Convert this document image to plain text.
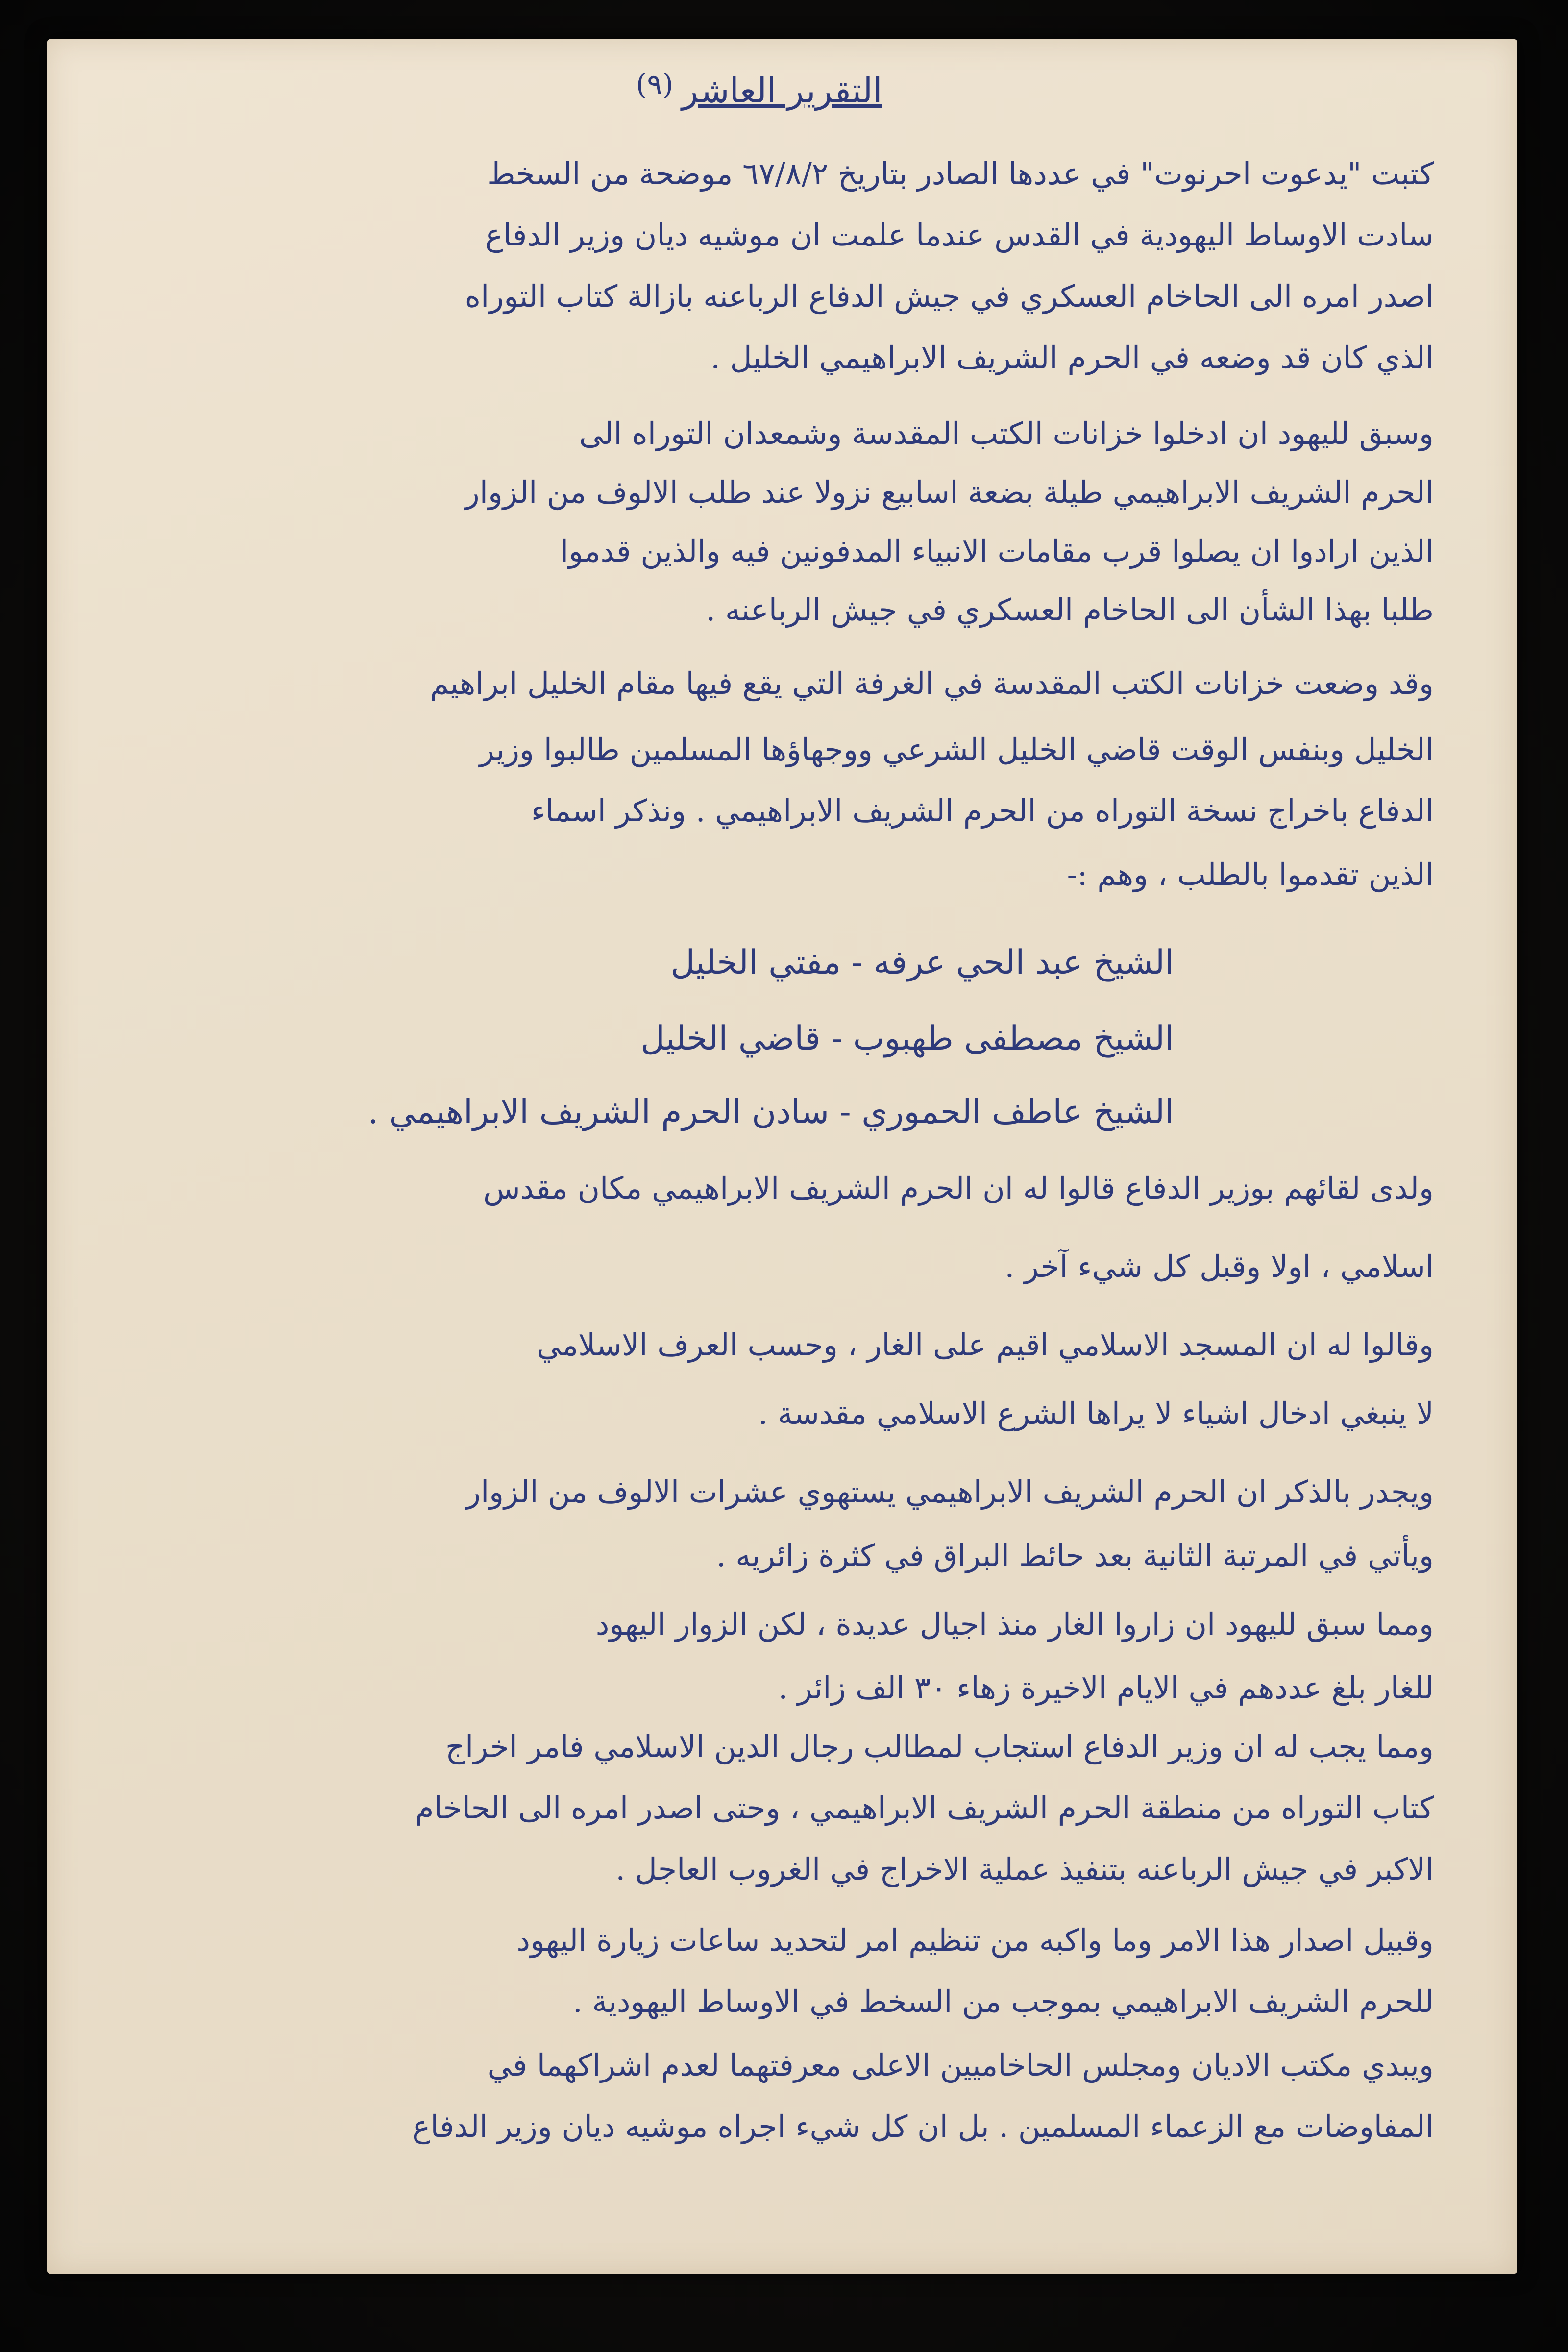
(٩) التقرير العاشر

كتبت "يدعوت احرنوت" في عددها الصادر بتاريخ ٦٧/٨/٢ موضحة من السخط

سادت الاوساط اليهودية في القدس عندما علمت ان موشيه ديان وزير الدفاع

اصدر امره الى الحاخام العسكري في جيش الدفاع الرباعنه بازالة كتاب التوراه

الذي كان قد وضعه في الحرم الشريف الابراهيمي الخليل .

وسبق لليهود ان ادخلوا خزانات الكتب المقدسة وشمعدان التوراه الى

الحرم الشريف الابراهيمي طيلة بضعة اسابيع نزولا عند طلب الالوف من الزوار

الذين ارادوا ان يصلوا قرب مقامات الانبياء المدفونين فيه والذين قدموا

طلبا بهذا الشأن الى الحاخام العسكري في جيش الرباعنه .

وقد وضعت خزانات الكتب المقدسة في الغرفة التي يقع فيها مقام الخليل ابراهيم

الخليل وبنفس الوقت قاضي الخليل الشرعي ووجهاؤها المسلمين طالبوا وزير

الدفاع باخراج نسخة التوراه من الحرم الشريف الابراهيمي . ونذكر اسماء

الذين تقدموا بالطلب ، وهم :-

الشيخ عبد الحي عرفه - مفتي الخليل

الشيخ مصطفى طهبوب - قاضي الخليل

الشيخ عاطف الحموري - سادن الحرم الشريف الابراهيمي .

ولدى لقائهم بوزير الدفاع قالوا له ان الحرم الشريف الابراهيمي مكان مقدس

اسلامي ، اولا وقبل كل شيء آخر .

وقالوا له ان المسجد الاسلامي اقيم على الغار ، وحسب العرف الاسلامي

لا ينبغي ادخال اشياء لا يراها الشرع الاسلامي مقدسة .

ويجدر بالذكر ان الحرم الشريف الابراهيمي يستهوي عشرات الالوف من الزوار

ويأتي في المرتبة الثانية بعد حائط البراق في كثرة زائريه .

ومما سبق لليهود ان زاروا الغار منذ اجيال عديدة ، لكن الزوار اليهود

للغار بلغ عددهم في الايام الاخيرة زهاء ٣٠ الف زائر .

ومما يجب له ان وزير الدفاع استجاب لمطالب رجال الدين الاسلامي فامر اخراج

كتاب التوراه من منطقة الحرم الشريف الابراهيمي ، وحتى اصدر امره الى الحاخام

الاكبر في جيش الرباعنه بتنفيذ عملية الاخراج في الغروب العاجل .

وقبيل اصدار هذا الامر وما واكبه من تنظيم امر لتحديد ساعات زيارة اليهود

للحرم الشريف الابراهيمي بموجب من السخط في الاوساط اليهودية .

ويبدي مكتب الاديان ومجلس الحاخاميين الاعلى معرفتهما لعدم اشراكهما في

المفاوضات مع الزعماء المسلمين . بل ان كل شيء اجراه موشيه ديان وزير الدفاع
